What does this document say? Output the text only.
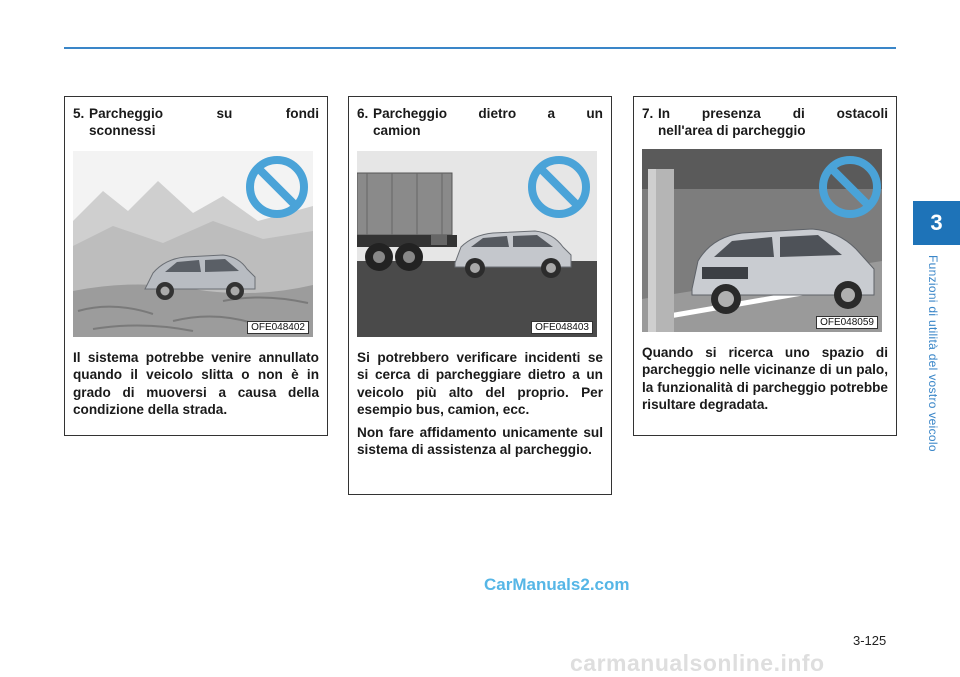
3
Funzioni di utilità del vostro veicolo
5. Parcheggio su fondi
sconnessi
OFE048402

Il sistema potrebbe venire annullato quando il veicolo slitta o non è in grado di muoversi a causa della condizione della strada.

6. Parcheggio dietro a un
camion
OFE048403

Si potrebbero verificare incidenti se si cerca di parcheggiare dietro a un veicolo più alto del proprio. Per esempio bus, camion, ecc.

Non fare affidamento unicamente sul sistema di assistenza al parcheggio.

7. In presenza di ostacoli
nell'area di parcheggio
OFE048059

Quando si ricerca uno spazio di parcheggio nelle vicinanze di un palo, la funzionalità di parcheggio potrebbe risultare degradata.

CarManuals2.com
3-125
carmanualsonline.info
